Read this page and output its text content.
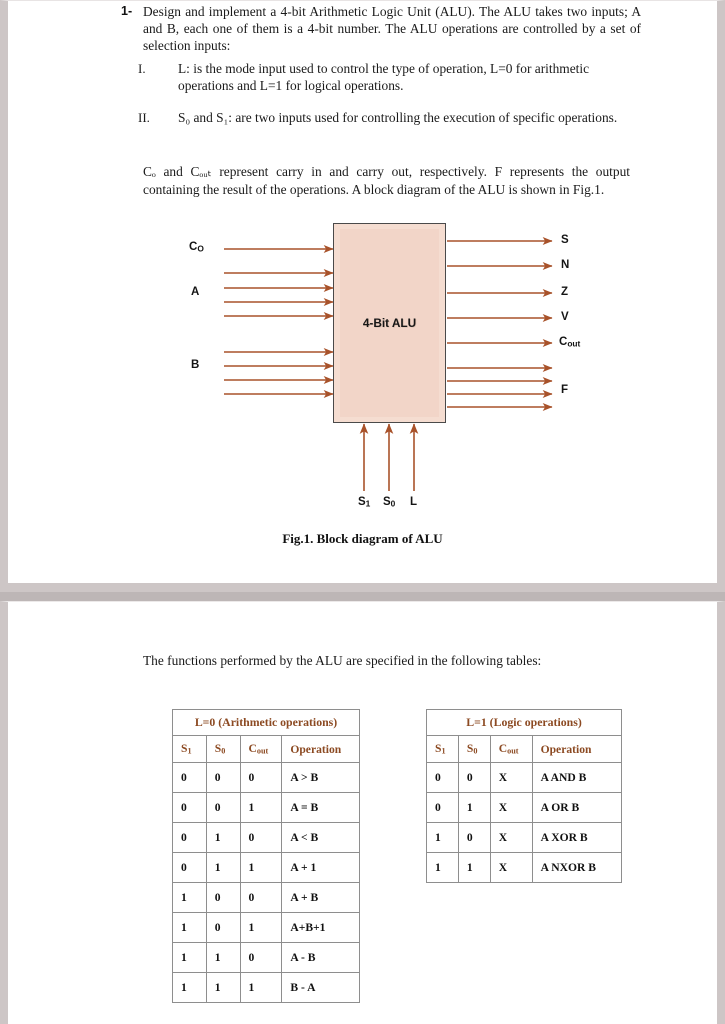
1- Design and implement a 4-bit Arithmetic Logic Unit (ALU). The ALU takes two inputs; A and B, each one of them is a 4-bit number. The ALU operations are controlled by a set of selection inputs:
I.	L: is the mode input used to control the type of operation, L=0 for arithmetic operations and L=1 for logical operations.
II.	S₀ and S₁: are two inputs used for controlling the execution of specific operations.
Cₒ and Cₒᵤₜ represent carry in and carry out, respectively. F represents the output containing the result of the operations. A block diagram of the ALU is shown in Fig.1.
4-Bit ALU
CO
A
B
S
N
Z
V
Cout
F
S1 S0 L
Fig.1. Block diagram of ALU
The functions performed by the ALU are specified in the following tables:
L=0 (Arithmetic operations)			
S1	S0	Cout	Operation
0	0	0	A > B
0	0	1	A = B
0	1	0	A < B
0	1	1	A + 1
1	0	0	A + B
1	0	1	A+B+1
1	1	0	A - B
1	1	1	B - A
L=1 (Logic operations)			
S1	S0	Cout	Operation
0	0	X	A AND B
0	1	X	A OR B
1	0	X	A XOR B
1	1	X	A NXOR B
